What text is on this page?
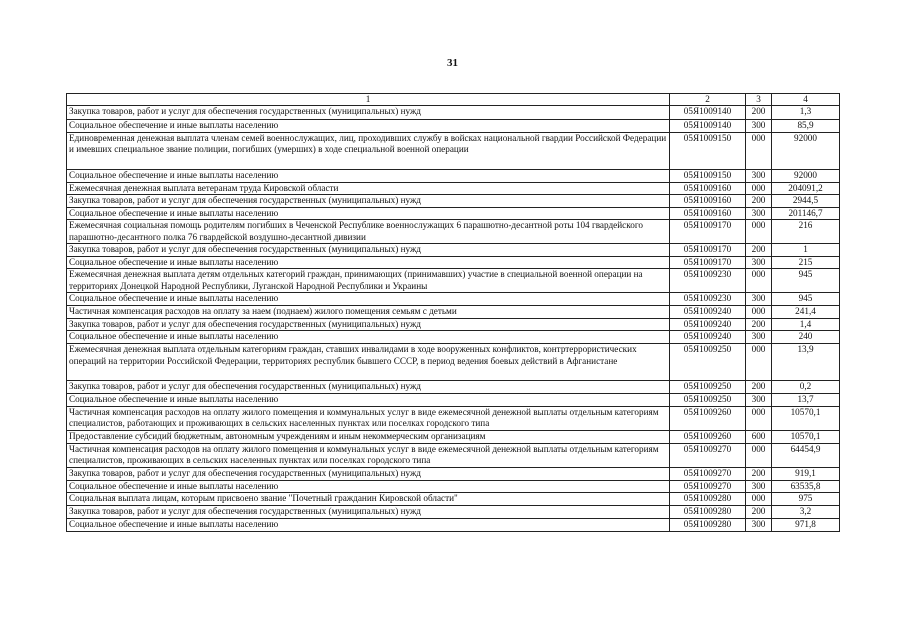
31
1	2	3	4
Закупка товаров, работ и услуг для обеспечения государственных (муниципальных) нужд	05Я1009140	200	1,3
Социальное обеспечение и иные выплаты населению	05Я1009140	300	85,9
Единовременная денежная выплата членам семей военнослужащих, лиц, проходивших службу в войсках национальной гвардии Российской Федерации и имевших специальное звание полиции, погибших (умерших) в ходе специальной военной операции	05Я1009150	000	92000
Социальное обеспечение и иные выплаты населению	05Я1009150	300	92000
Ежемесячная денежная выплата ветеранам труда Кировской области	05Я1009160	000	204091,2
Закупка товаров, работ и услуг для обеспечения государственных (муниципальных) нужд	05Я1009160	200	2944,5
Социальное обеспечение и иные выплаты населению	05Я1009160	300	201146,7
Ежемесячная социальная помощь родителям погибших в Чеченской Республике военнослужащих 6 парашютно-десантной роты 104 гвардейского парашютно-десантного полка 76 гвардейской воздушно-десантной дивизии	05Я1009170	000	216
Закупка товаров, работ и услуг для обеспечения государственных (муниципальных) нужд	05Я1009170	200	1
Социальное обеспечение и иные выплаты населению	05Я1009170	300	215
Ежемесячная денежная выплата детям отдельных категорий граждан, принимающих (принимавших) участие в специальной военной операции на территориях Донецкой Народной Республики, Луганской Народной Республики и Украины	05Я1009230	000	945
Социальное обеспечение и иные выплаты населению	05Я1009230	300	945
Частичная компенсация расходов на оплату за наем (поднаем) жилого помещения семьям с детьми	05Я1009240	000	241,4
Закупка товаров, работ и услуг для обеспечения государственных (муниципальных) нужд	05Я1009240	200	1,4
Социальное обеспечение и иные выплаты населению	05Я1009240	300	240
Ежемесячная денежная выплата отдельным категориям граждан, ставших инвалидами в ходе вооруженных конфликтов, контртеррористических операций на территории Российской Федерации, территориях республик бывшего СССР, в период ведения боевых действий в Афганистане	05Я1009250	000	13,9
Закупка товаров, работ и услуг для обеспечения государственных (муниципальных) нужд	05Я1009250	200	0,2
Социальное обеспечение и иные выплаты населению	05Я1009250	300	13,7
Частичная компенсация расходов на оплату жилого помещения и коммунальных услуг в виде ежемесячной денежной выплаты отдельным категориям специалистов, работающих и проживающих в сельских населенных пунктах или поселках городского типа	05Я1009260	000	10570,1
Предоставление субсидий бюджетным, автономным учреждениям и иным некоммерческим организациям	05Я1009260	600	10570,1
Частичная компенсация расходов на оплату жилого помещения и коммунальных услуг в виде ежемесячной денежной выплаты отдельным категориям специалистов, проживающих в сельских населенных пунктах или поселках городского типа	05Я1009270	000	64454,9
Закупка товаров, работ и услуг для обеспечения государственных (муниципальных) нужд	05Я1009270	200	919,1
Социальное обеспечение и иные выплаты населению	05Я1009270	300	63535,8
Социальная выплата лицам, которым присвоено звание "Почетный гражданин Кировской области"	05Я1009280	000	975
Закупка товаров, работ и услуг для обеспечения государственных (муниципальных) нужд	05Я1009280	200	3,2
Социальное обеспечение и иные выплаты населению	05Я1009280	300	971,8
